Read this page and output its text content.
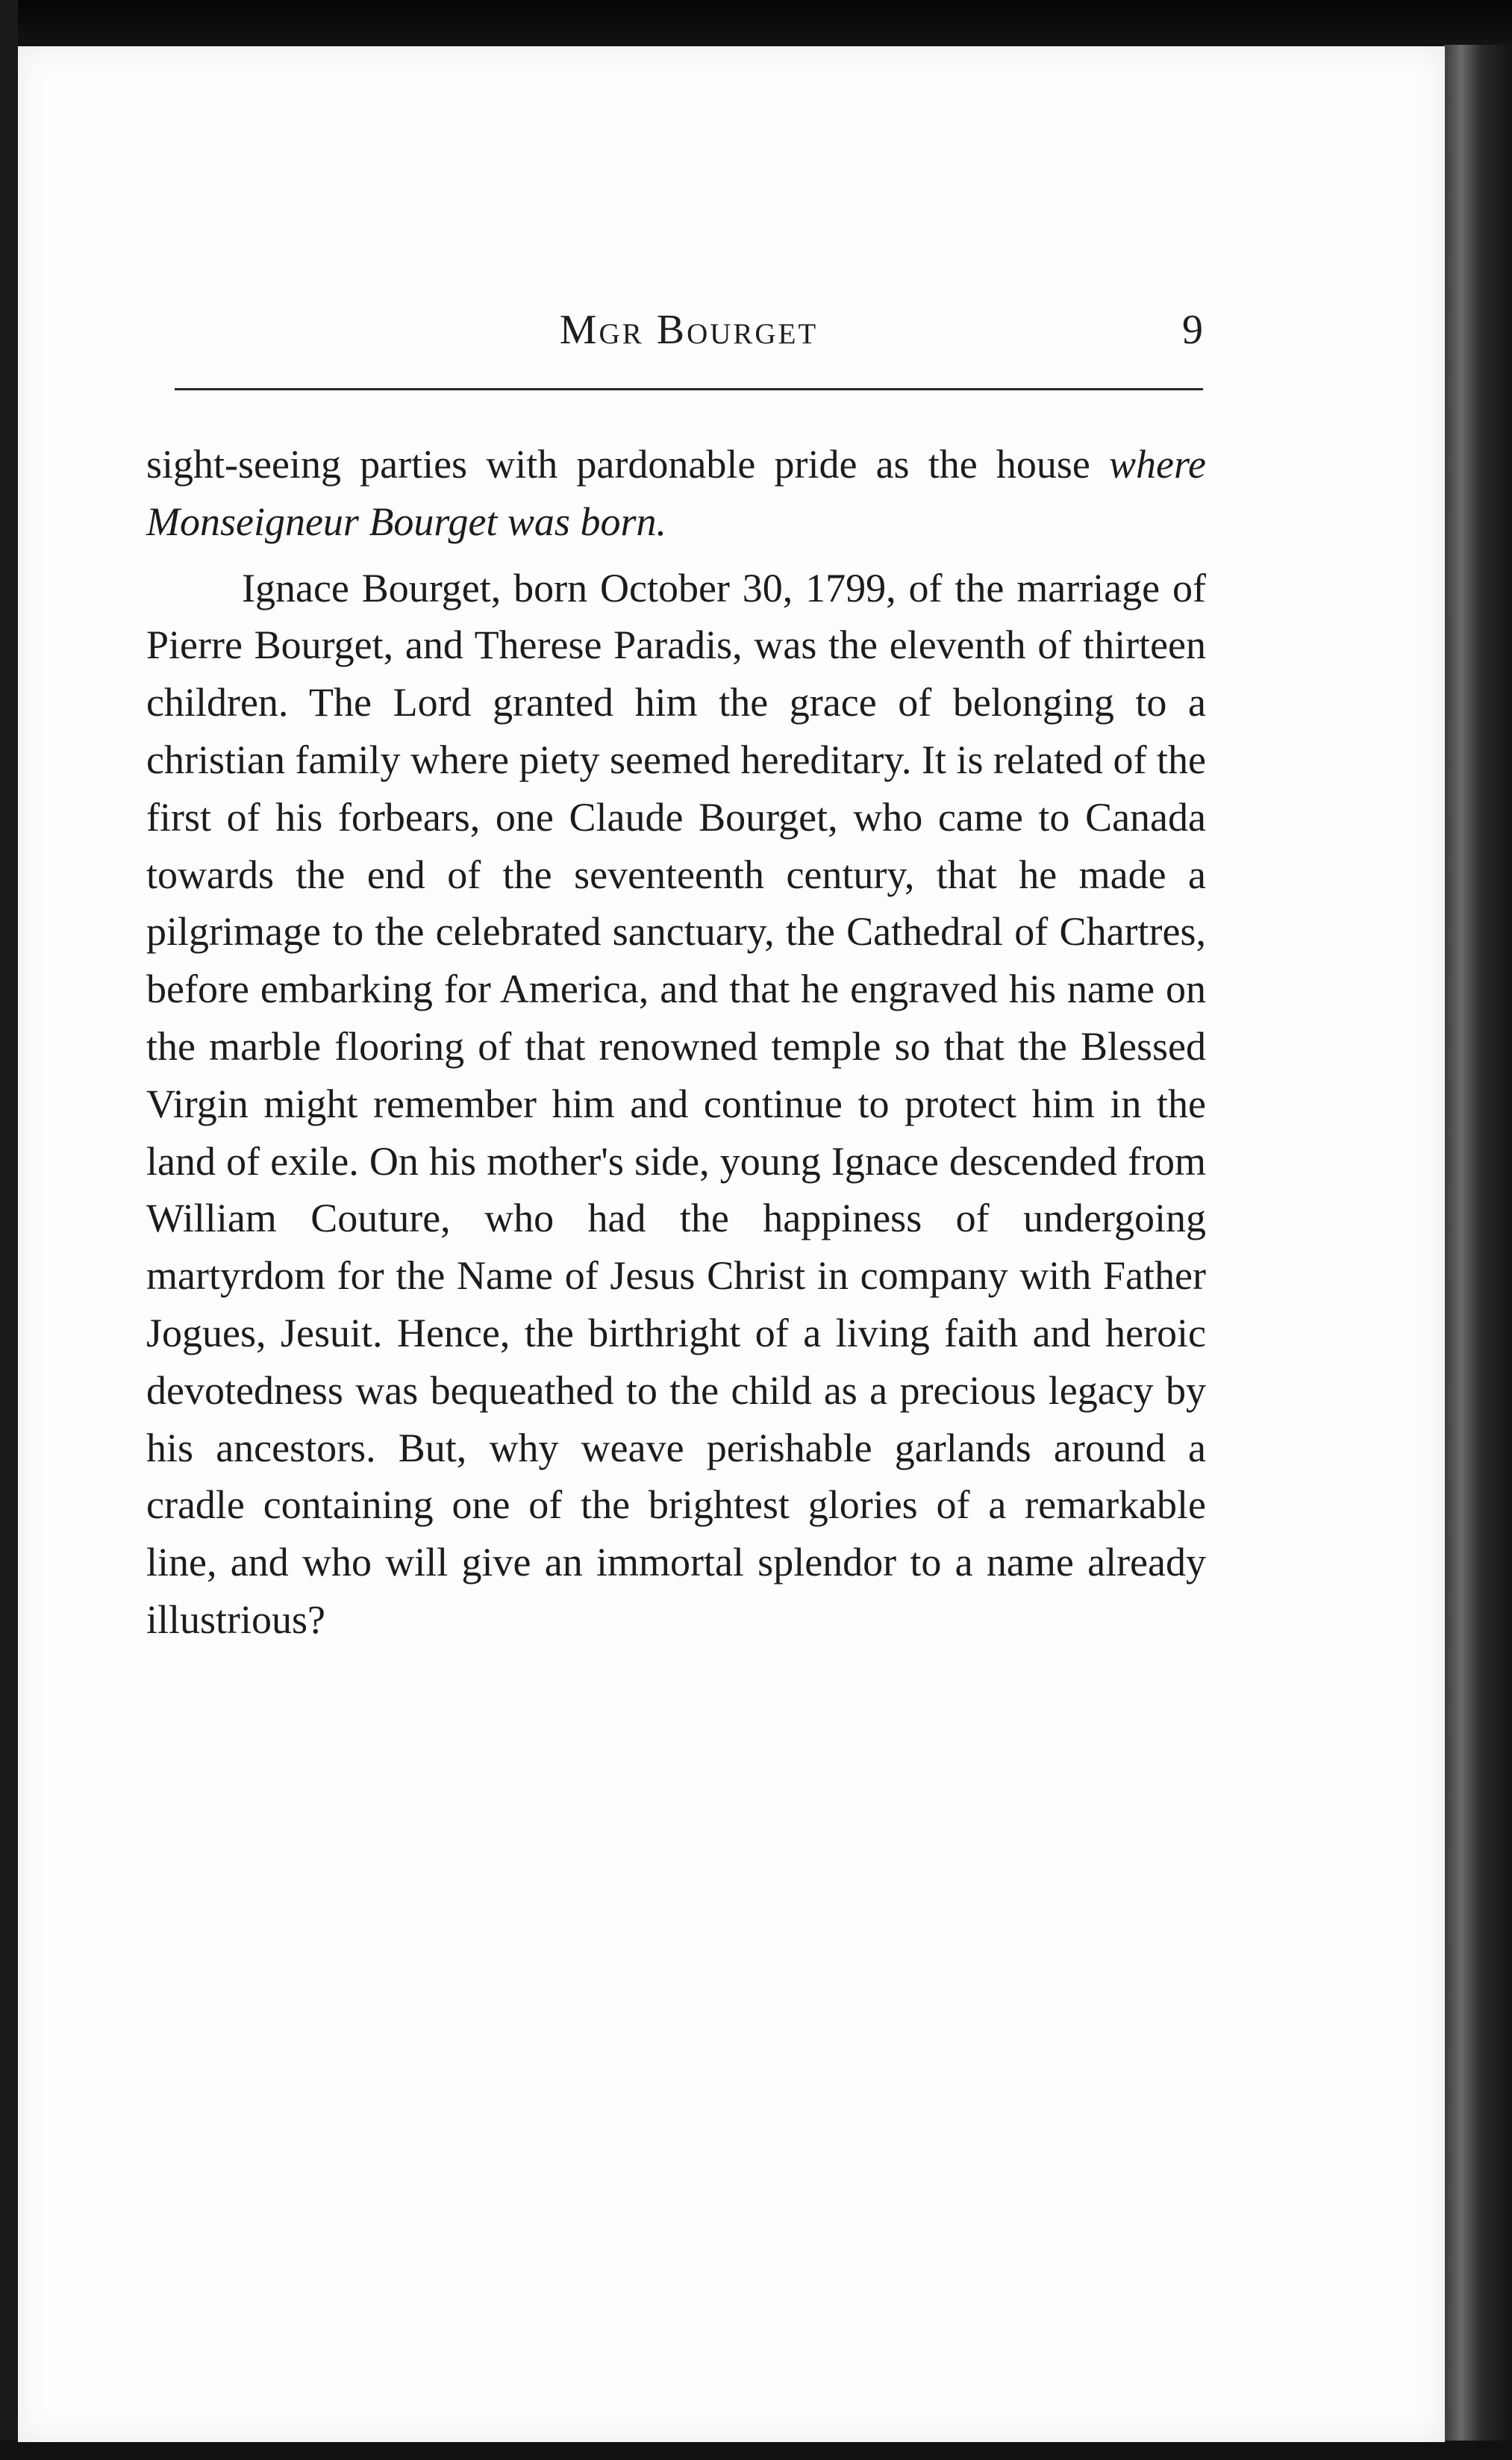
Mgr Bourget	9

sight-seeing parties with pardonable pride as the house where Monseigneur Bourget was born.

Ignace Bourget, born October 30, 1799, of the marriage of Pierre Bourget, and Therese Paradis, was the eleventh of thirteen children. The Lord granted him the grace of belonging to a christian family where piety seemed hereditary. It is related of the first of his forbears, one Claude Bourget, who came to Canada towards the end of the seventeenth century, that he made a pilgrimage to the celebrated sanctuary, the Cathedral of Chartres, before embarking for America, and that he engraved his name on the marble flooring of that renowned temple so that the Blessed Virgin might remember him and continue to protect him in the land of exile. On his mother's side, young Ignace descended from William Couture, who had the happiness of undergoing martyrdom for the Name of Jesus Christ in company with Father Jogues, Jesuit. Hence, the birthright of a living faith and heroic devotedness was bequeathed to the child as a precious legacy by his ancestors. But, why weave perishable garlands around a cradle containing one of the brightest glories of a remarkable line, and who will give an immortal splendor to a name already illustrious?
